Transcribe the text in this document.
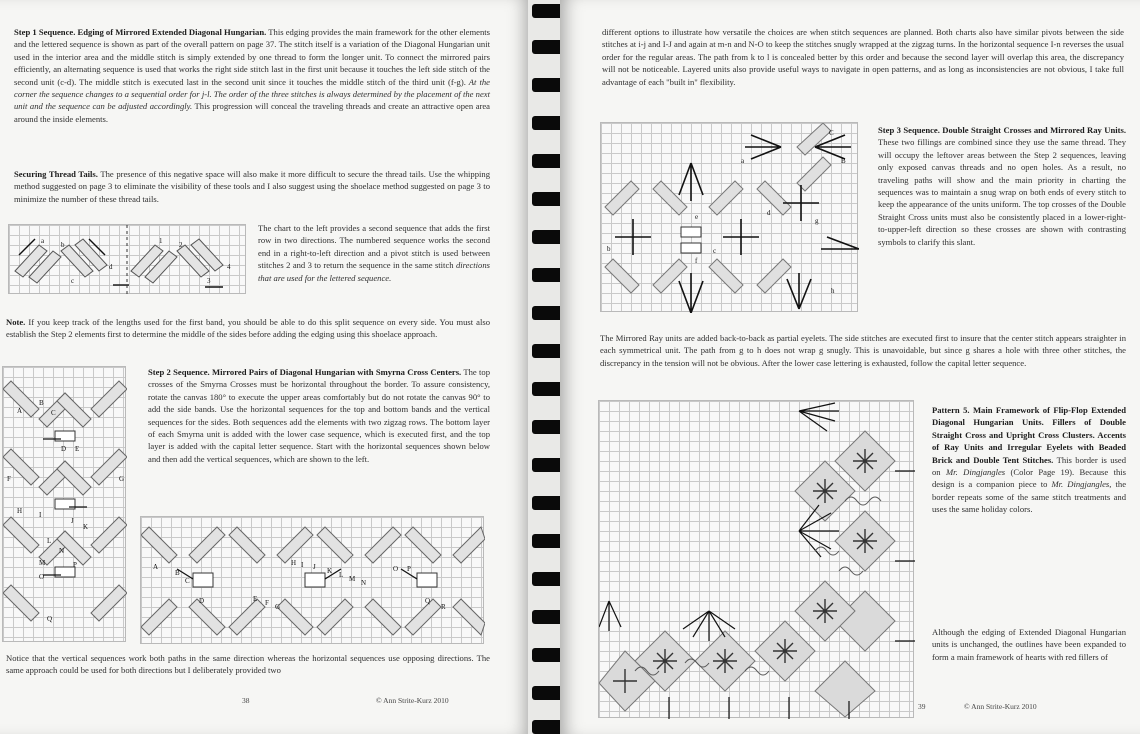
Step 1 Sequence. Edging of Mirrored Extended Diagonal Hungarian. This edging provides the main framework for the other elements and the lettered sequence is shown as part of the overall pattern on page 37. The stitch itself is a variation of the Diagonal Hungarian unit used in the interior area and the middle stitch is simply extended by one thread to form the longer unit. To connect the mirrored pairs efficiently, an alternating sequence is used that works the right side stitch last in the first unit because it touches the left side stitch of the second unit (c-d). The middle stitch is executed last in the second unit since it touches the middle stitch of the third unit (f-g). At the corner the sequence changes to a sequential order for j-l. The order of the three stitches is always determined by the placement of the next unit and the sequence can be adjusted accordingly. This progression will conceal the traveling threads and create an attractive open area around the inside elements.
Securing Thread Tails. The presence of this negative space will also make it more difficult to secure the thread tails. Use the whipping method suggested on page 3 to eliminate the visibility of these tools and I also suggest using the shoelace method suggested on page 3 to minimize the number of these thread tails.
a b
c
d
1 2
3
4
The chart to the left provides a second sequence that adds the first row in two directions. The numbered sequence works the second end in a right-to-left direction and a pivot stitch is used between stitches 2 and 3 to return the sequence in the same stitch directions that are used for the lettered sequence.
Note. If you keep track of the lengths used for the first band, you should be able to do this split sequence on every side. You must also establish the Step 2 elements first to determine the middle of the sides before adding the edging using this shoelace approach.
A
B
C
D E
F	G
H I
J
K
L
M
N
O
P
Q
Step 2 Sequence. Mirrored Pairs of Diagonal Hungarian with Smyrna Cross Centers. The top crosses of the Smyrna Crosses must be horizontal throughout the border. To assure consistency, rotate the canvas 180° to execute the upper areas comfortably but do not rotate the canvas 90° to add the side bands. Use the horizontal sequences for the top and bottom bands and the vertical sequences for the sides. Both sequences add the elements with two zigzag rows. The bottom layer of each Smyrna unit is added with the lower case sequence, which is executed first, and the top layer is added with the capital letter sequence. Start with the horizontal sequences shown below and then add the vertical sequences, which are shown to the left.
A
B
C
D	E F G
H I J K L M N
O P
Q
R
Notice that the vertical sequences work both paths in the same direction whereas the horizontal sequences use opposing directions. The same approach could be used for both directions but I deliberately provided two
38	© Ann Strite-Kurz 2010
different options to illustrate how versatile the choices are when stitch sequences are planned. Both charts also have similar pivots between the side stitches at i-j and I-J and again at m-n and N-O to keep the stitches snugly wrapped at the zigzag turns. In the horizontal sequence I-n reverses the usual order for the regular areas. The path from k to l is concealed better by this order and because the second layer will overlap this area, the discrepancy will not be noticeable. Layered units also provide useful ways to navigate in open patterns, and as long as inconsistencies are not obvious, I take full advantage of each "built in" flexibility.
C
B
a
b	c
d
e
f
g
h
Step 3 Sequence. Double Straight Crosses and Mirrored Ray Units. These two fillings are combined since they use the same thread. They will occupy the leftover areas between the Step 2 sequences, leaving only exposed canvas threads and no open holes. As a result, no traveling paths will show and the main priority in charting the sequences was to maintain a snug wrap on both ends of every stitch to keep the appearance of the units uniform. The top crosses of the Double Straight Cross units must also be consistently placed in a lower-right-to-upper-left direction so these crosses are shown with contrasting symbols to clarify this slant.
The Mirrored Ray units are added back-to-back as partial eyelets. The side stitches are executed first to insure that the center stitch appears straighter in each symmetrical unit. The path from g to h does not wrap g snugly. This is unavoidable, but since g shares a hole with three other stitches, the discrepancy in the tension will not be obvious. After the lower case lettering is exhausted, follow the capital letter sequence.
Pattern 5. Main Framework of Flip-Flop Extended Diagonal Hungarian Units. Fillers of Double Straight Cross and Upright Cross Clusters. Accents of Ray Units and Irregular Eyelets with Beaded Brick and Double Tent Stitches. This border is used on Mr. Dingjangles (Color Page 19). Because this design is a companion piece to Mr. Dingjangles, the border repeats some of the same stitch treatments and uses the same holiday colors.
Although the edging of Extended Diagonal Hungarian units is unchanged, the outlines have been expanded to form a main framework of hearts with red fillers of
39	© Ann Strite-Kurz 2010
